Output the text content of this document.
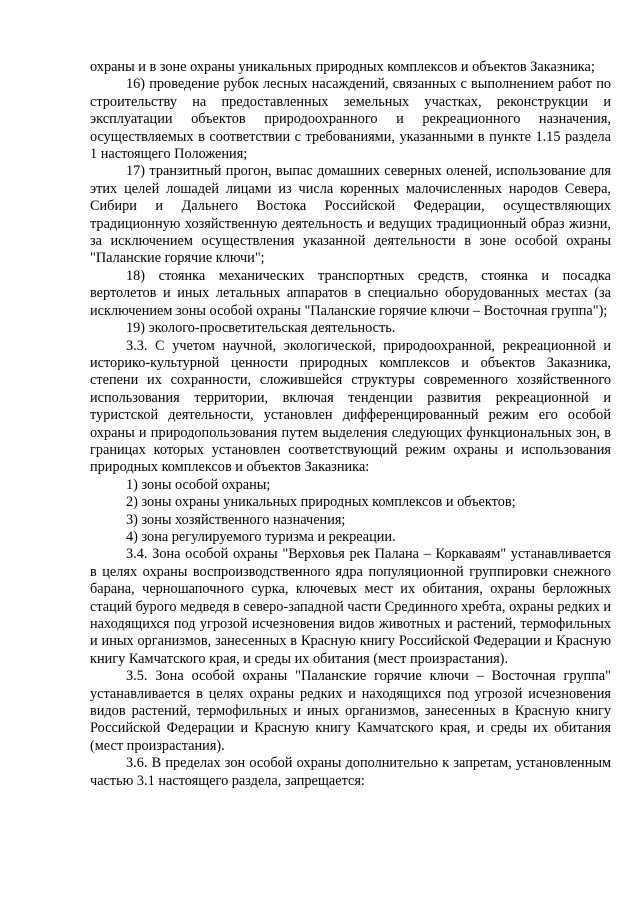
охраны и в зоне охраны уникальных природных комплексов и объектов Заказника;

16) проведение рубок лесных насаждений, связанных с выполнением работ по строительству на предоставленных земельных участках, реконструкции и эксплуатации объектов природоохранного и рекреационного назначения, осуществляемых в соответствии с требованиями, указанными в пункте 1.15 раздела 1 настоящего Положения;

17) транзитный прогон, выпас домашних северных оленей, использование для этих целей лошадей лицами из числа коренных малочисленных народов Севера, Сибири и Дальнего Востока Российской Федерации, осуществляющих традиционную хозяйственную деятельность и ведущих традиционный образ жизни, за исключением осуществления указанной деятельности в зоне особой охраны "Паланские горячие ключи";

18) стоянка механических транспортных средств, стоянка и посадка вертолетов и иных летальных аппаратов в специально оборудованных местах (за исключением зоны особой охраны "Паланские горячие ключи – Восточная группа");

19) эколого-просветительская деятельность.

3.3. С учетом научной, экологической, природоохранной, рекреационной и историко-культурной ценности природных комплексов и объектов Заказника, степени их сохранности, сложившейся структуры современного хозяйственного использования территории, включая тенденции развития рекреационной и туристской деятельности, установлен дифференцированный режим его особой охраны и природопользования путем выделения следующих функциональных зон, в границах которых установлен соответствующий режим охраны и использования природных комплексов и объектов Заказника:

1) зоны особой охраны;

2) зоны охраны уникальных природных комплексов и объектов;

3) зоны хозяйственного назначения;

4) зона регулируемого туризма и рекреации.

3.4. Зона особой охраны "Верховья рек Палана – Коркаваям" устанавливается в целях охраны воспроизводственного ядра популяционной группировки снежного барана, черношапочного сурка, ключевых мест их обитания, охраны берложных стаций бурого медведя в северо-западной части Срединного хребта, охраны редких и находящихся под угрозой исчезновения видов животных и растений, термофильных и иных организмов, занесенных в Красную книгу Российской Федерации и Красную книгу Камчатского края, и среды их обитания (мест произрастания).

3.5. Зона особой охраны "Паланские горячие ключи – Восточная группа" устанавливается в целях охраны редких и находящихся под угрозой исчезновения видов растений, термофильных и иных организмов, занесенных в Красную книгу Российской Федерации и Красную книгу Камчатского края, и среды их обитания (мест произрастания).

3.6. В пределах зон особой охраны дополнительно к запретам, установленным частью 3.1 настоящего раздела, запрещается:
